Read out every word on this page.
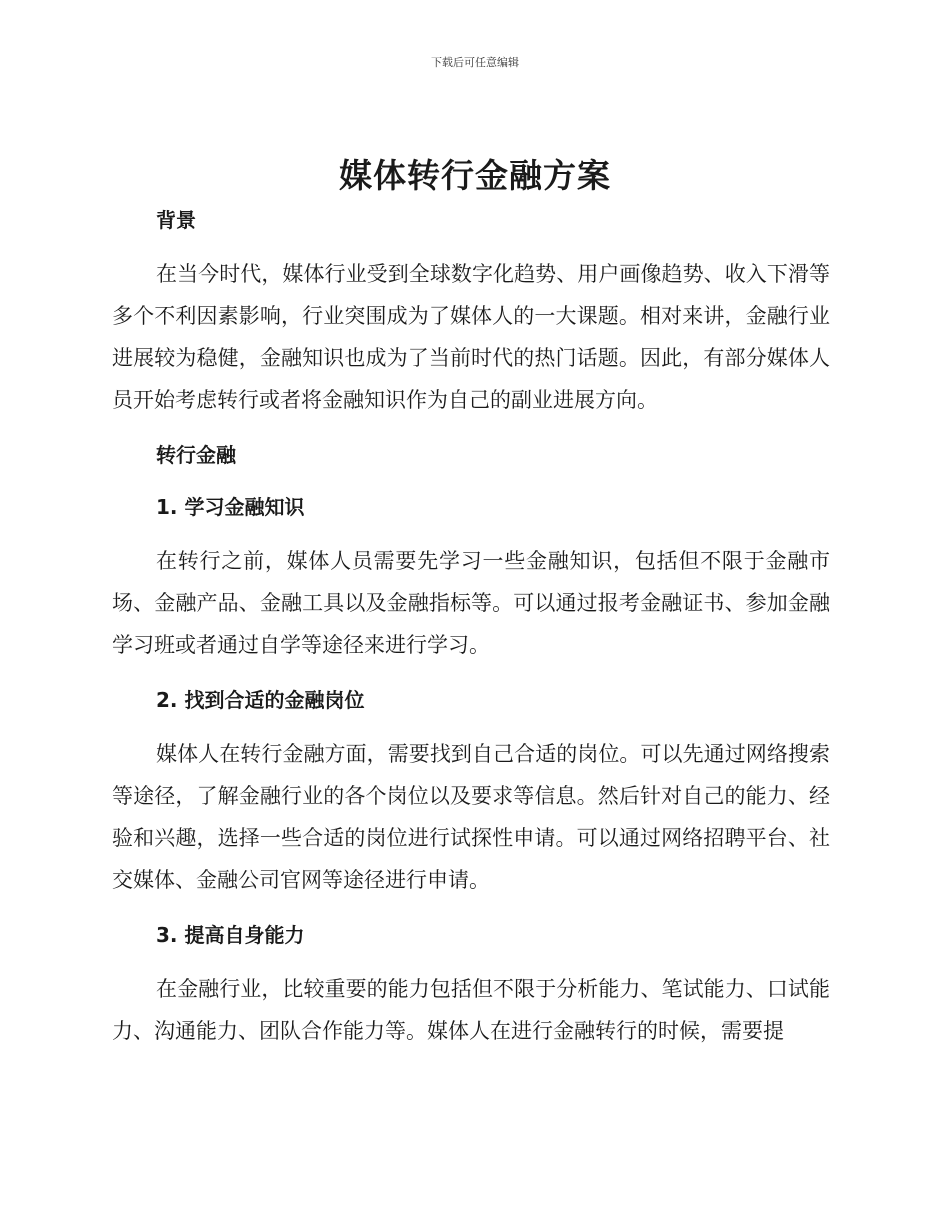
下载后可任意编辑
媒体转行金融方案
背景

在当今时代，媒体行业受到全球数字化趋势、用户画像趋势、收入下滑等多个不利因素影响，行业突围成为了媒体人的一大课题。相对来讲，金融行业进展较为稳健，金融知识也成为了当前时代的热门话题。因此，有部分媒体人员开始考虑转行或者将金融知识作为自己的副业进展方向。

转行金融
1. 学习金融知识

在转行之前，媒体人员需要先学习一些金融知识，包括但不限于金融市场、金融产品、金融工具以及金融指标等。可以通过报考金融证书、参加金融学习班或者通过自学等途径来进行学习。

2. 找到合适的金融岗位

媒体人在转行金融方面，需要找到自己合适的岗位。可以先通过网络搜索等途径，了解金融行业的各个岗位以及要求等信息。然后针对自己的能力、经验和兴趣，选择一些合适的岗位进行试探性申请。可以通过网络招聘平台、社交媒体、金融公司官网等途径进行申请。

3. 提高自身能力

在金融行业，比较重要的能力包括但不限于分析能力、笔试能力、口试能力、沟通能力、团队合作能力等。媒体人在进行金融转行的时候，需要提
